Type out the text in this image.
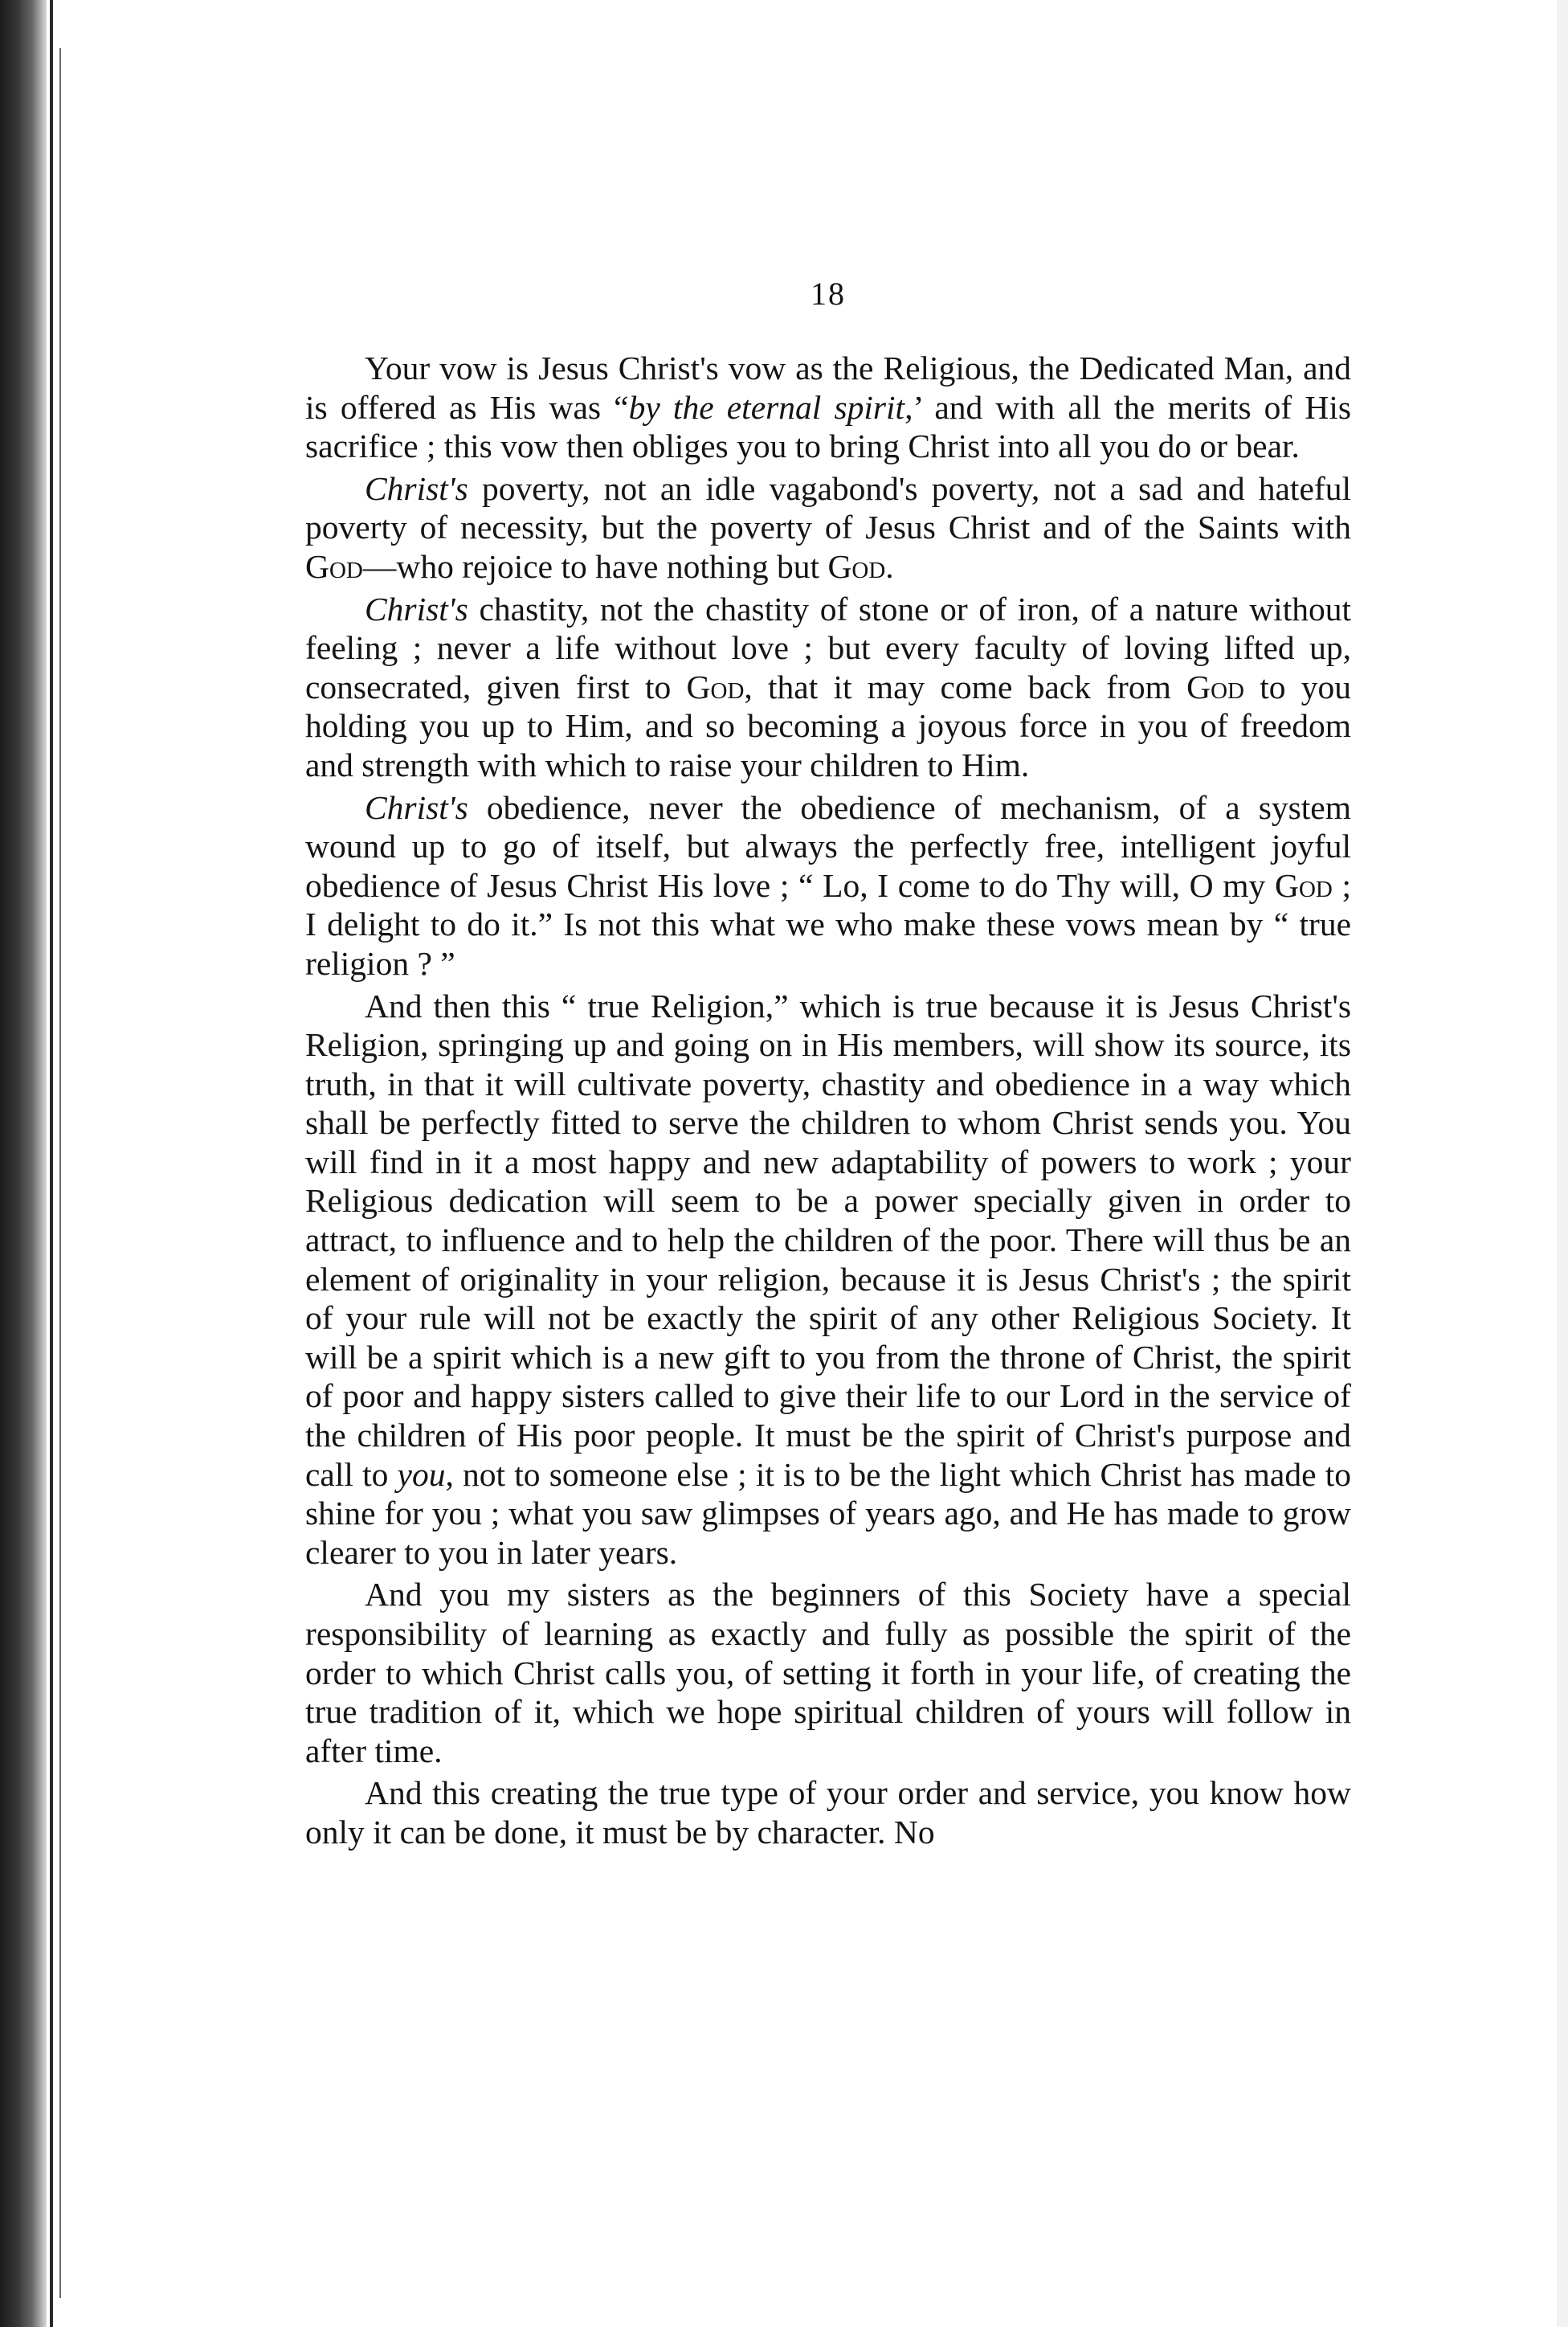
18

Your vow is Jesus Christ's vow as the Religious, the Dedicated Man, and is offered as His was “by the eternal spirit,’ and with all the merits of His sacrifice ; this vow then obliges you to bring Christ into all you do or bear.

Christ's poverty, not an idle vagabond's poverty, not a sad and hateful poverty of necessity, but the poverty of Jesus Christ and of the Saints with God—who rejoice to have nothing but God.

Christ's chastity, not the chastity of stone or of iron, of a nature without feeling ; never a life without love ; but every faculty of loving lifted up, consecrated, given first to God, that it may come back from God to you holding you up to Him, and so becoming a joyous force in you of freedom and strength with which to raise your children to Him.

Christ's obedience, never the obedience of mechanism, of a system wound up to go of itself, but always the perfectly free, intelligent joyful obedience of Jesus Christ His love ; “ Lo, I come to do Thy will, O my God ; I delight to do it.” Is not this what we who make these vows mean by “ true religion ? ”

And then this “ true Religion,” which is true because it is Jesus Christ's Religion, springing up and going on in His members, will show its source, its truth, in that it will cultivate poverty, chastity and obedience in a way which shall be perfectly fitted to serve the children to whom Christ sends you. You will find in it a most happy and new adaptability of powers to work ; your Religious dedication will seem to be a power specially given in order to attract, to influence and to help the children of the poor. There will thus be an element of originality in your religion, because it is Jesus Christ's ; the spirit of your rule will not be exactly the spirit of any other Religious Society. It will be a spirit which is a new gift to you from the throne of Christ, the spirit of poor and happy sisters called to give their life to our Lord in the service of the children of His poor people. It must be the spirit of Christ's purpose and call to you, not to someone else ; it is to be the light which Christ has made to shine for you ; what you saw glimpses of years ago, and He has made to grow clearer to you in later years.

And you my sisters as the beginners of this Society have a special responsibility of learning as exactly and fully as possible the spirit of the order to which Christ calls you, of setting it forth in your life, of creating the true tradition of it, which we hope spiritual children of yours will follow in after time.

And this creating the true type of your order and service, you know how only it can be done, it must be by character. No
